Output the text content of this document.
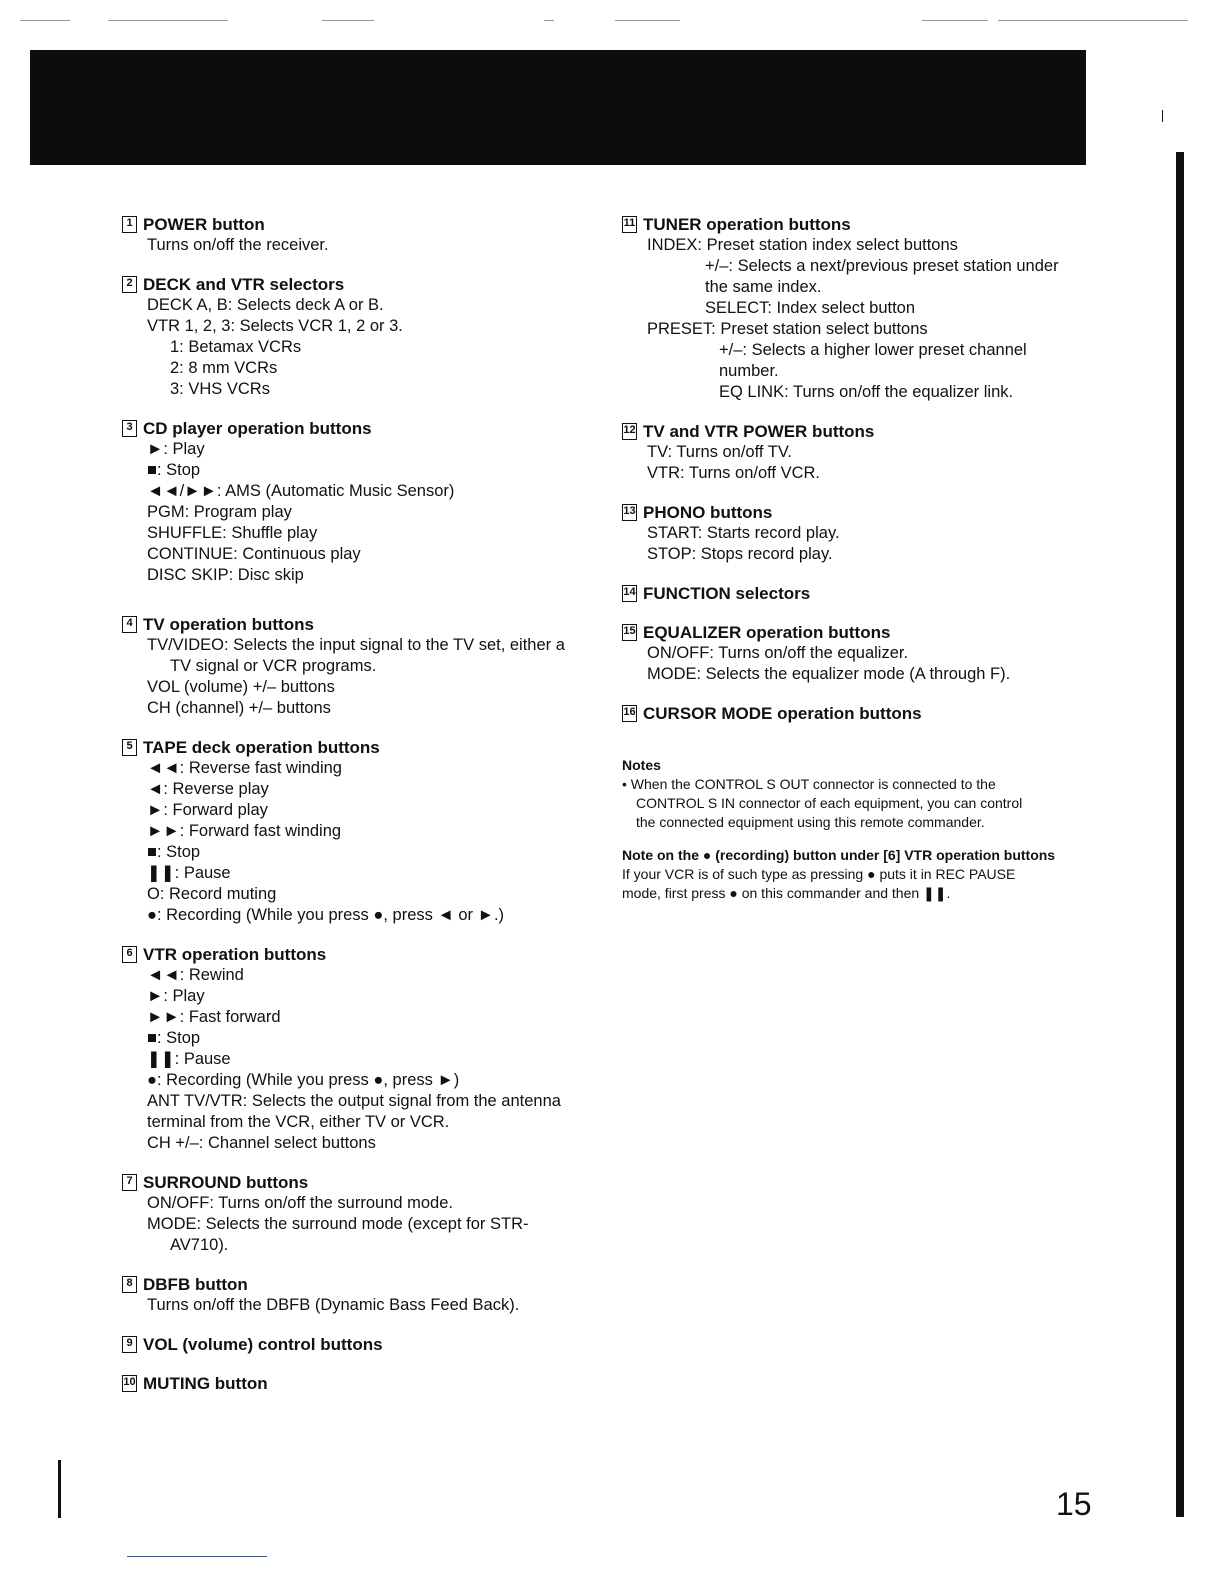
1 POWER button
Turns on/off the receiver.
2 DECK and VTR selectors
DECK A, B: Selects deck A or B.
VTR 1, 2, 3: Selects VCR 1, 2 or 3.
1: Betamax VCRs
2: 8 mm VCRs
3: VHS VCRs
3 CD player operation buttons
►: Play
■: Stop
◄◄/►►: AMS (Automatic Music Sensor)
PGM: Program play
SHUFFLE: Shuffle play
CONTINUE: Continuous play
DISC SKIP: Disc skip
4 TV operation buttons
TV/VIDEO: Selects the input signal to the TV set, either a
TV signal or VCR programs.
VOL (volume) +/– buttons
CH (channel) +/– buttons
5 TAPE deck operation buttons
◄◄: Reverse fast winding
◄: Reverse play
►: Forward play
►►: Forward fast winding
■: Stop
❚❚: Pause
O: Record muting
●: Recording (While you press ●, press ◄ or ►.)
6 VTR operation buttons
◄◄: Rewind
►: Play
►►: Fast forward
■: Stop
❚❚: Pause
●: Recording (While you press ●, press ►)
ANT TV/VTR: Selects the output signal from the antenna
terminal from the VCR, either TV or VCR.
CH +/–: Channel select buttons
7 SURROUND buttons
ON/OFF: Turns on/off the surround mode.
MODE: Selects the surround mode (except for STR-
AV710).
8 DBFB button
Turns on/off the DBFB (Dynamic Bass Feed Back).
9 VOL (volume) control buttons
10 MUTING button
11 TUNER operation buttons
INDEX: Preset station index select buttons
+/–: Selects a next/previous preset station under
the same index.
SELECT: Index select button
PRESET: Preset station select buttons
+/–: Selects a higher lower preset channel
number.
EQ LINK: Turns on/off the equalizer link.
12 TV and VTR POWER buttons
TV: Turns on/off TV.
VTR: Turns on/off VCR.
13 PHONO buttons
START: Starts record play.
STOP: Stops record play.
14 FUNCTION selectors
15 EQUALIZER operation buttons
ON/OFF: Turns on/off the equalizer.
MODE: Selects the equalizer mode (A through F).
16 CURSOR MODE operation buttons
Notes
• When the CONTROL S OUT connector is connected to the
CONTROL S IN connector of each equipment, you can control
the connected equipment using this remote commander.
Note on the ● (recording) button under [6] VTR operation buttons
If your VCR is of such type as pressing ● puts it in REC PAUSE
mode, first press ● on this commander and then ❚❚.
15
